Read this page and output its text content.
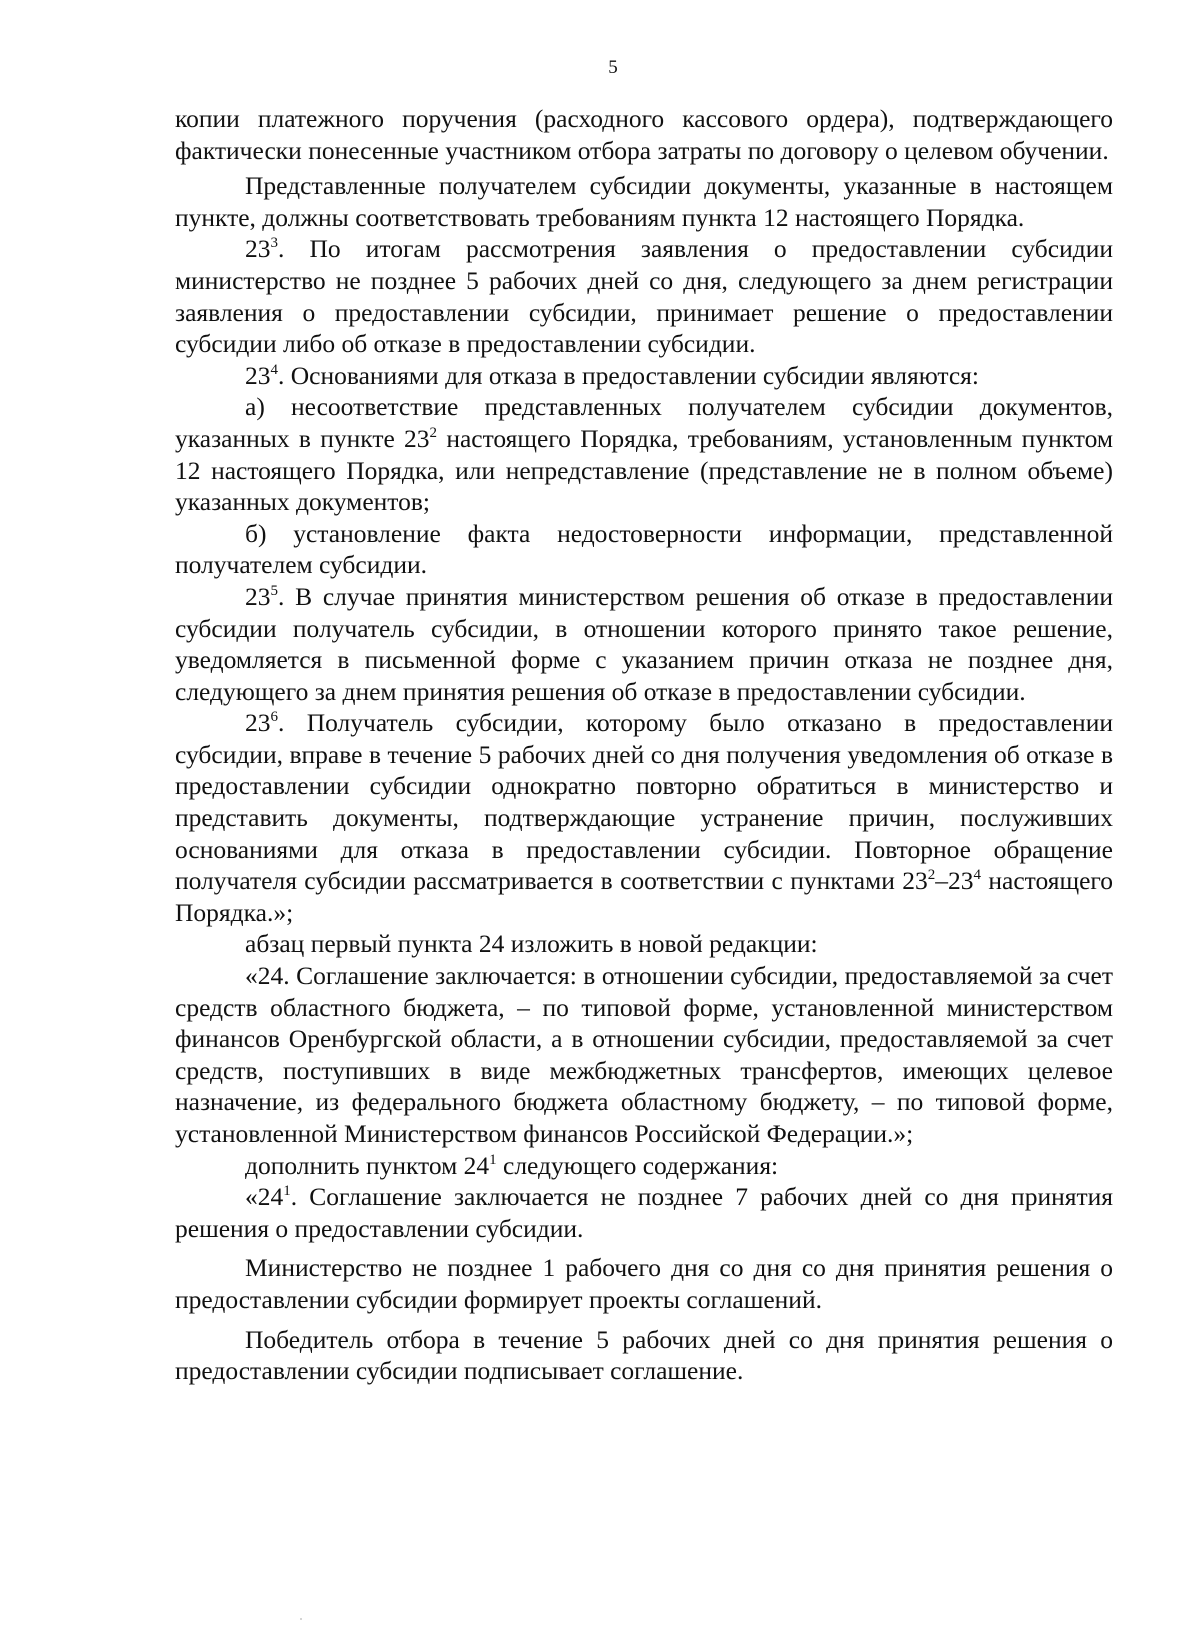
5

копии платежного поручения (расходного кассового ордера), подтверждающего фактически понесенные участником отбора затраты по договору о целевом обучении.

Представленные получателем субсидии документы, указанные в настоящем пункте, должны соответствовать требованиям пункта 12 настоящего Порядка.

$23^3$. По итогам рассмотрения заявления о предоставлении субсидии министерство не позднее 5 рабочих дней со дня, следующего за днем регистрации заявления о предоставлении субсидии, принимает решение о предоставлении субсидии либо об отказе в предоставлении субсидии.

$23^4$. Основаниями для отказа в предоставлении субсидии являются:

а) несоответствие представленных получателем субсидии документов, указанных в пункте $23^2$ настоящего Порядка, требованиям, установленным пунктом 12 настоящего Порядка, или непредставление (представление не в полном объеме) указанных документов;

б) установление факта недостоверности информации, представленной получателем субсидии.

$23^5$. В случае принятия министерством решения об отказе в предоставлении субсидии получатель субсидии, в отношении которого принято такое решение, уведомляется в письменной форме с указанием причин отказа не позднее дня, следующего за днем принятия решения об отказе в предоставлении субсидии.

$23^6$. Получатель субсидии, которому было отказано в предоставлении субсидии, вправе в течение 5 рабочих дней со дня получения уведомления об отказе в предоставлении субсидии однократно повторно обратиться в министерство и представить документы, подтверждающие устранение причин, послуживших основаниями для отказа в предоставлении субсидии. Повторное обращение получателя субсидии рассматривается в соответствии с пунктами $23^2-23^4$ настоящего Порядка.»;

абзац первый пункта 24 изложить в новой редакции:

«24. Соглашение заключается: в отношении субсидии, предоставляемой за счет средств областного бюджета, – по типовой форме, установленной министерством финансов Оренбургской области, а в отношении субсидии, предоставляемой за счет средств, поступивших в виде межбюджетных трансфертов, имеющих целевое назначение, из федерального бюджета областному бюджету, – по типовой форме, установленной Министерством финансов Российской Федерации.»;

дополнить пунктом $24^1$ следующего содержания:

«$24^1$. Соглашение заключается не позднее 7 рабочих дней со дня принятия решения о предоставлении субсидии.

Министерство не позднее 1 рабочего дня со дня со дня принятия решения о предоставлении субсидии формирует проекты соглашений.

Победитель отбора в течение 5 рабочих дней со дня принятия решения о предоставлении субсидии подписывает соглашение.
